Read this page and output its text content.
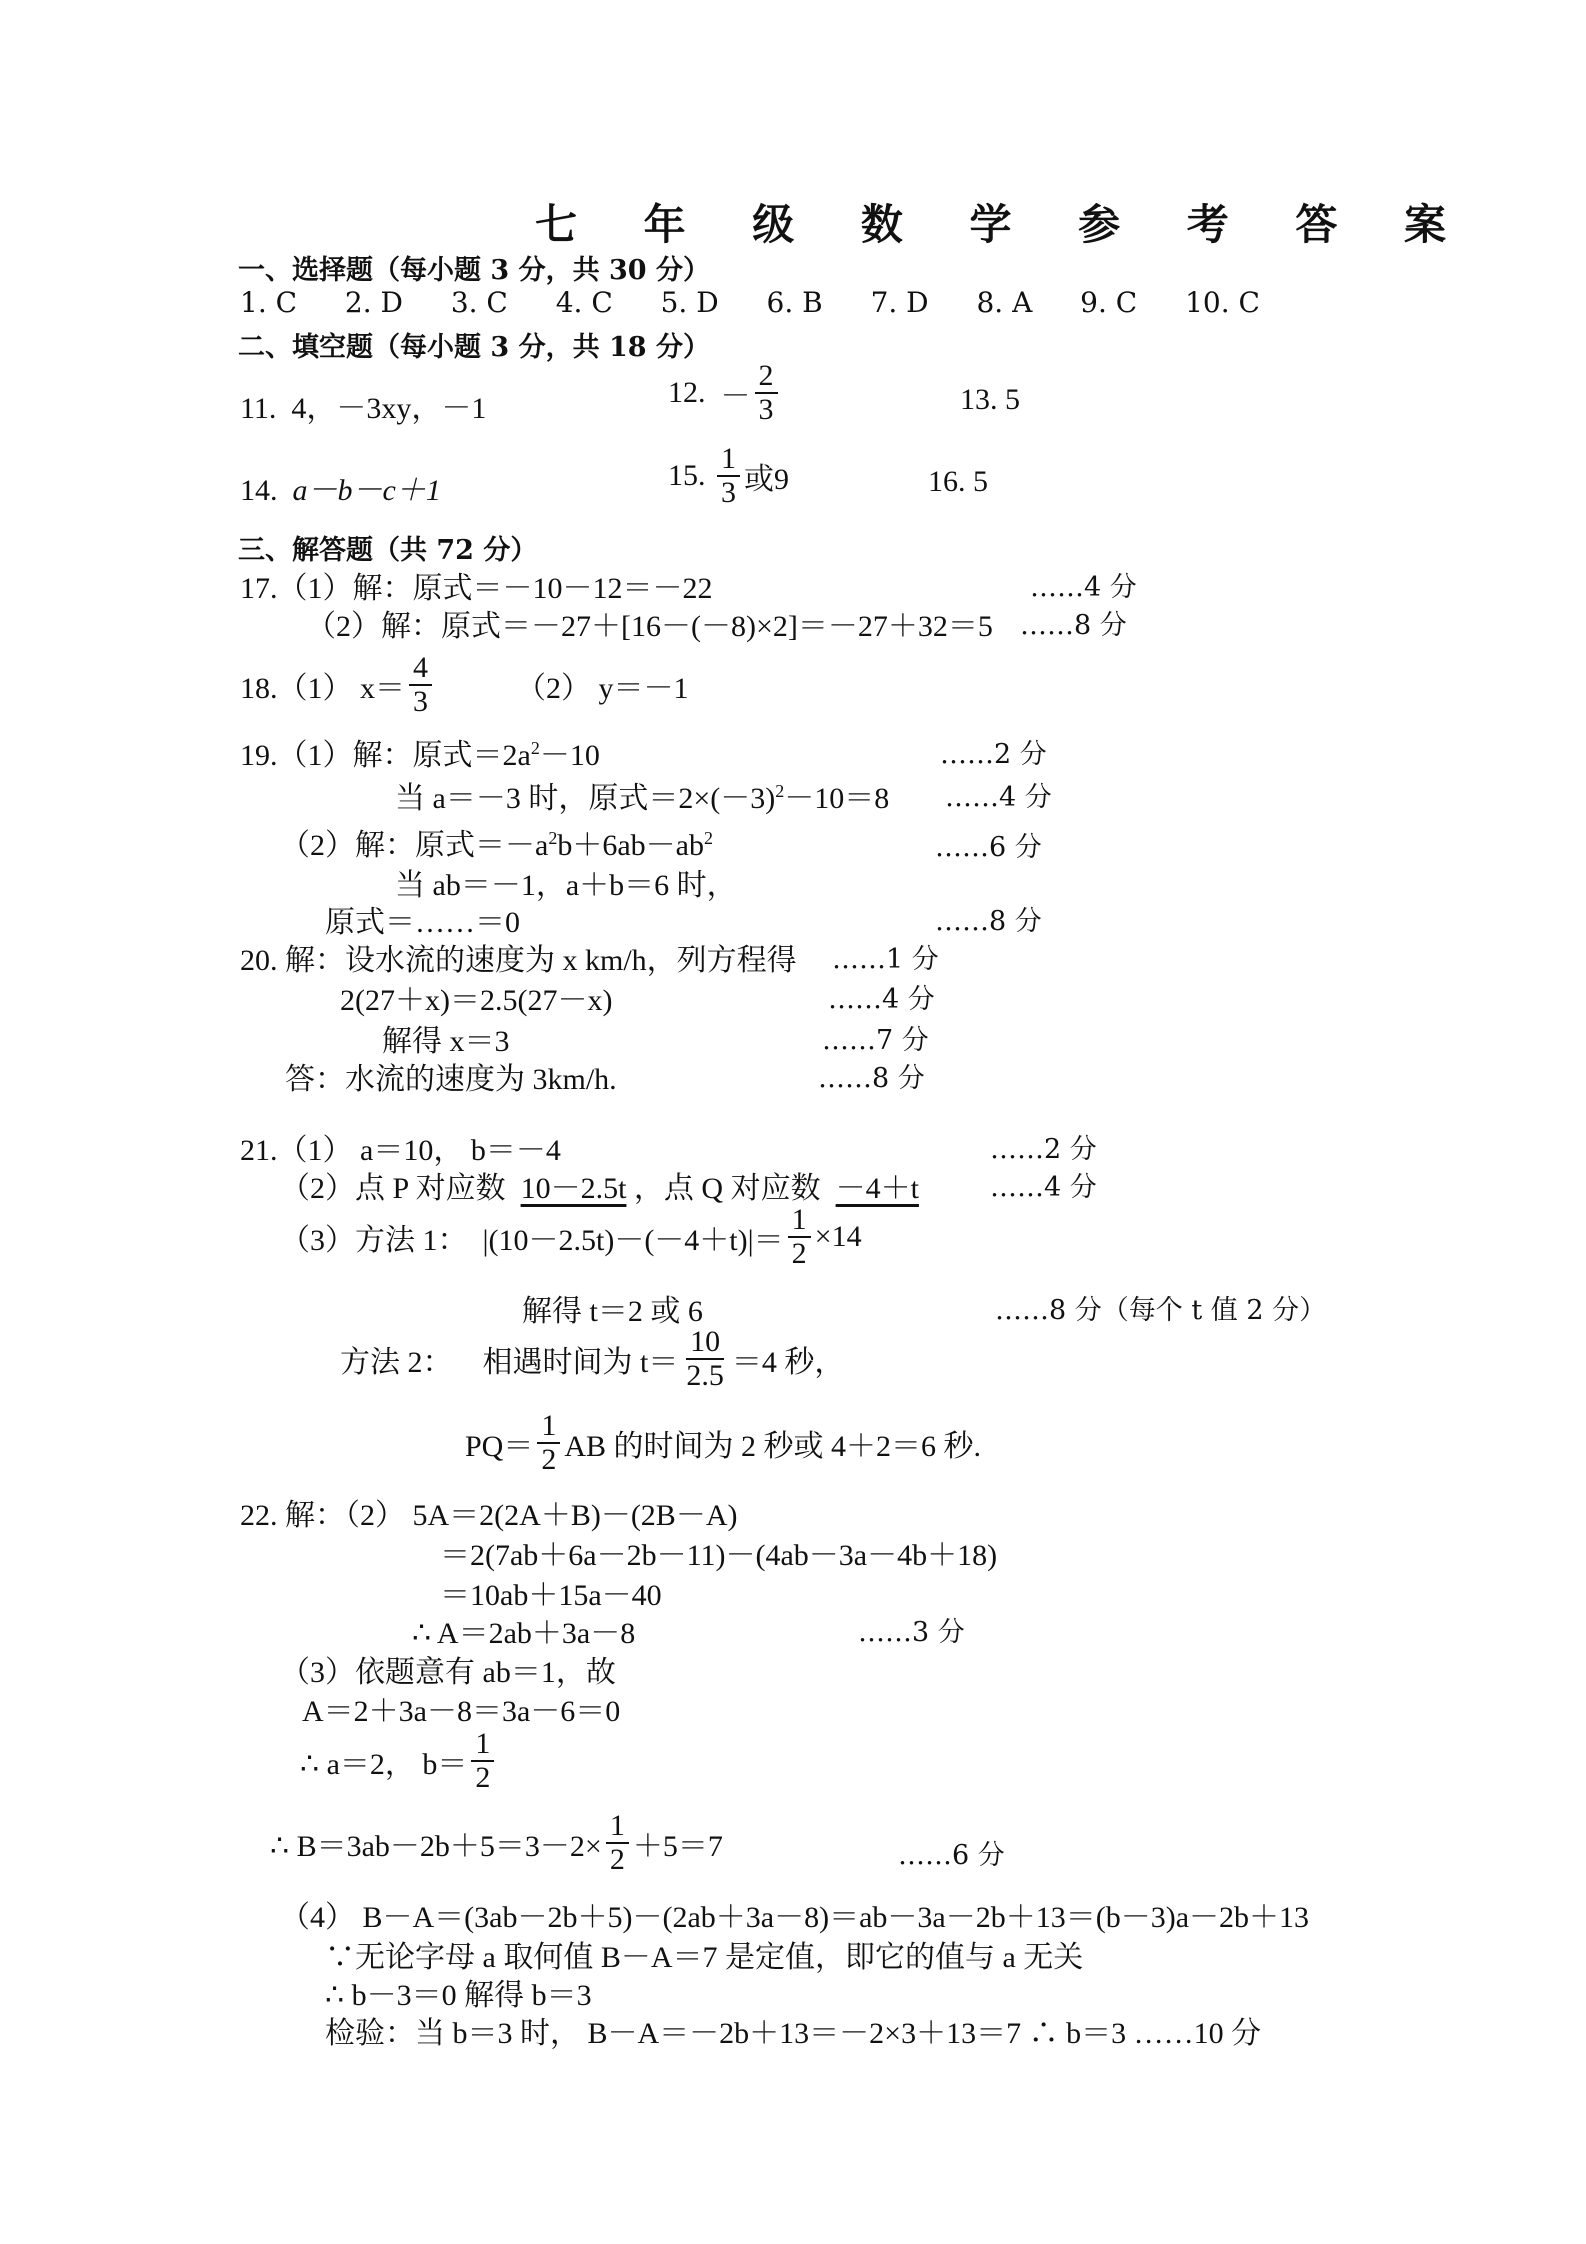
七 年 级 数 学 参 考 答 案
一、选择题（每小题 3 分，共 30 分）
1. C 2. D 3. C 4. C 5. D 6. B 7. D 8. A 9. C 10. C
二、填空题（每小题 3 分，共 18 分）
11. 4，－3xy，－1	12.
－ $\frac{2}{3}$	13. 5
14. a－b－c＋1	15.
$\frac{1}{3}$ 或9	16. 5
三、解答题（共 72 分）
17.（1）解：原式＝－10－12＝－22	……4 分
（2）解：原式＝－27＋[16－(－8)×2]＝－27＋32＝5 ……8 分
18.（1） $x= \frac{4}{3}$	（2） y＝－1
19.（1）解：原式$=2a^2-10$	……2 分
当 a＝－3 时，原式$=2\times(-3)^2-10=8$ ……4 分
（2）解：原式$=-a^2b+6ab-ab^2$	……6 分
当 ab＝－1，a＋b＝6 时，
原式＝……＝0	……8 分
20. 解：设水流的速度为 x km/h，列方程得 ……1 分
2(27＋x)＝2.5(27－x)	……4 分
解得 x＝3	……7 分
答：水流的速度为 3km/h.	……8 分
21.（1） a＝10， b＝－4	……2 分
（2）点 P 对应数 10－2.5t ，点 Q 对应数 －4＋t	……4 分
（3）方法 1：
$|(10-2.5t)-(-4+t)|= \frac{1}{2} \times 14$
解得 t＝2 或 6	……8 分（每个 t 值 2 分）
方法 2：
相遇时间为 $t= \frac{10}{2.5} =4$ 秒，
$PQ= \frac{1}{2}$ AB 的时间为 2 秒或 4＋2＝6 秒.
22. 解：（2） 5A＝2(2A＋B)－(2B－A)
＝2(7ab＋6a－2b－11)－(4ab－3a－4b＋18)
＝10ab＋15a－40
∴ A＝2ab＋3a－8	……3 分
（3）依题意有 ab＝1，故
A＝2＋3a－8＝3a－6＝0
∴ a＝2， $b= \frac{1}{2}$
∴ $B=3ab-2b+5=3-2\times \frac{1}{2} +5=7$	……6 分
（4） B－A＝(3ab－2b＋5)－(2ab＋3a－8)＝ab－3a－2b＋13＝(b－3)a－2b＋13
∵无论字母 a 取何值 B－A＝7 是定值，即它的值与 a 无关
∴ b－3＝0 解得 b＝3
检验：当 b＝3 时， B－A＝－2b＋13＝－2×3＋13＝7 ∴ b＝3 ……10 分
